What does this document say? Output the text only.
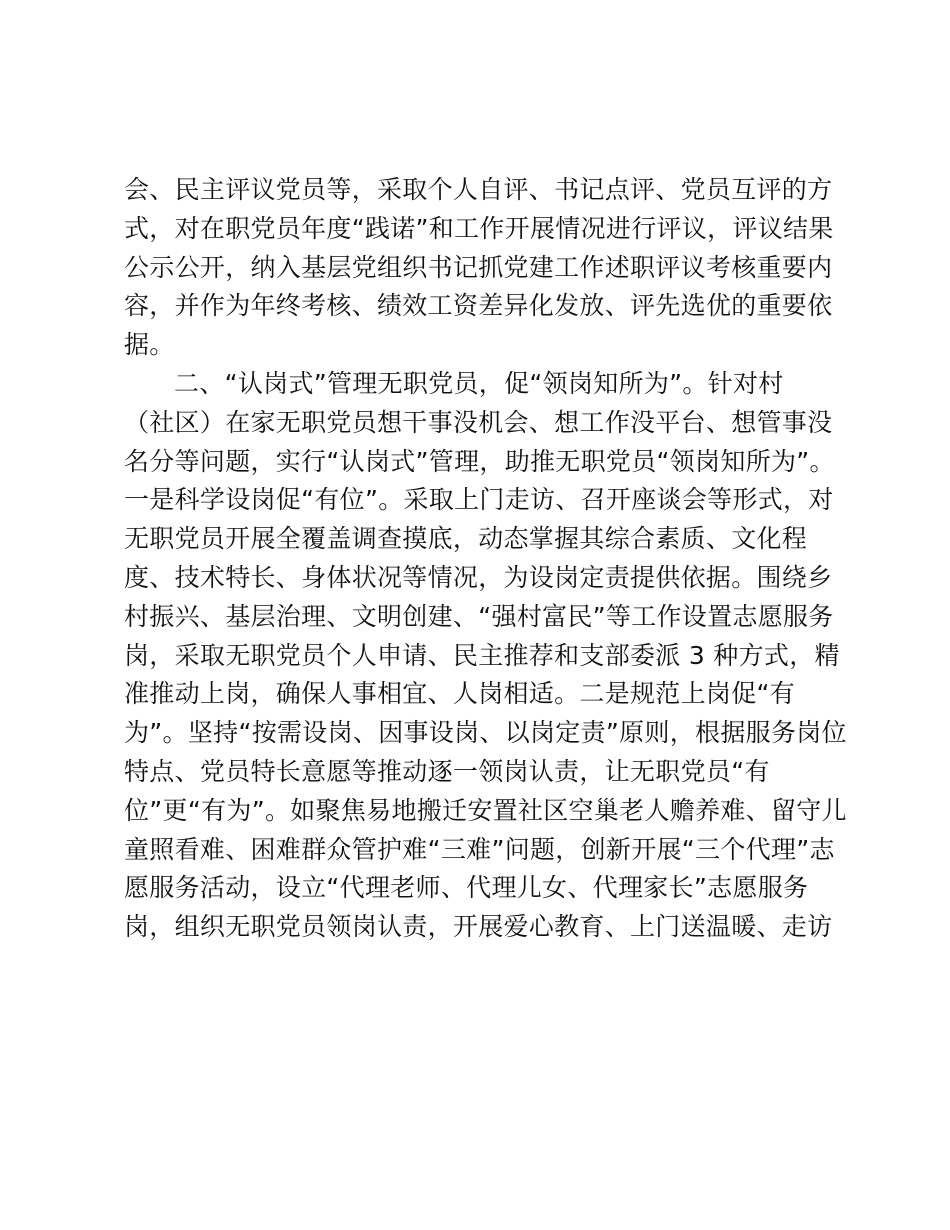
会、民主评议党员等，采取个人自评、书记点评、党员互评的方
式，对在职党员年度“践诺”和工作开展情况进行评议，评议结果
公示公开，纳入基层党组织书记抓党建工作述职评议考核重要内
容，并作为年终考核、绩效工资差异化发放、评先选优的重要依
据。
二、“认岗式”管理无职党员，促“领岗知所为”。针对村
（社区）在家无职党员想干事没机会、想工作没平台、想管事没
名分等问题，实行“认岗式”管理，助推无职党员“领岗知所为”。
一是科学设岗促“有位”。采取上门走访、召开座谈会等形式，对
无职党员开展全覆盖调查摸底，动态掌握其综合素质、文化程
度、技术特长、身体状况等情况，为设岗定责提供依据。围绕乡
村振兴、基层治理、文明创建、“强村富民”等工作设置志愿服务
岗，采取无职党员个人申请、民主推荐和支部委派 3 种方式，精
准推动上岗，确保人事相宜、人岗相适。二是规范上岗促“有
为”。坚持“按需设岗、因事设岗、以岗定责”原则，根据服务岗位
特点、党员特长意愿等推动逐一领岗认责，让无职党员“有
位”更“有为”。如聚焦易地搬迁安置社区空巢老人赡养难、留守儿
童照看难、困难群众管护难“三难”问题，创新开展“三个代理”志
愿服务活动，设立“代理老师、代理儿女、代理家长”志愿服务
岗，组织无职党员领岗认责，开展爱心教育、上门送温暖、走访
